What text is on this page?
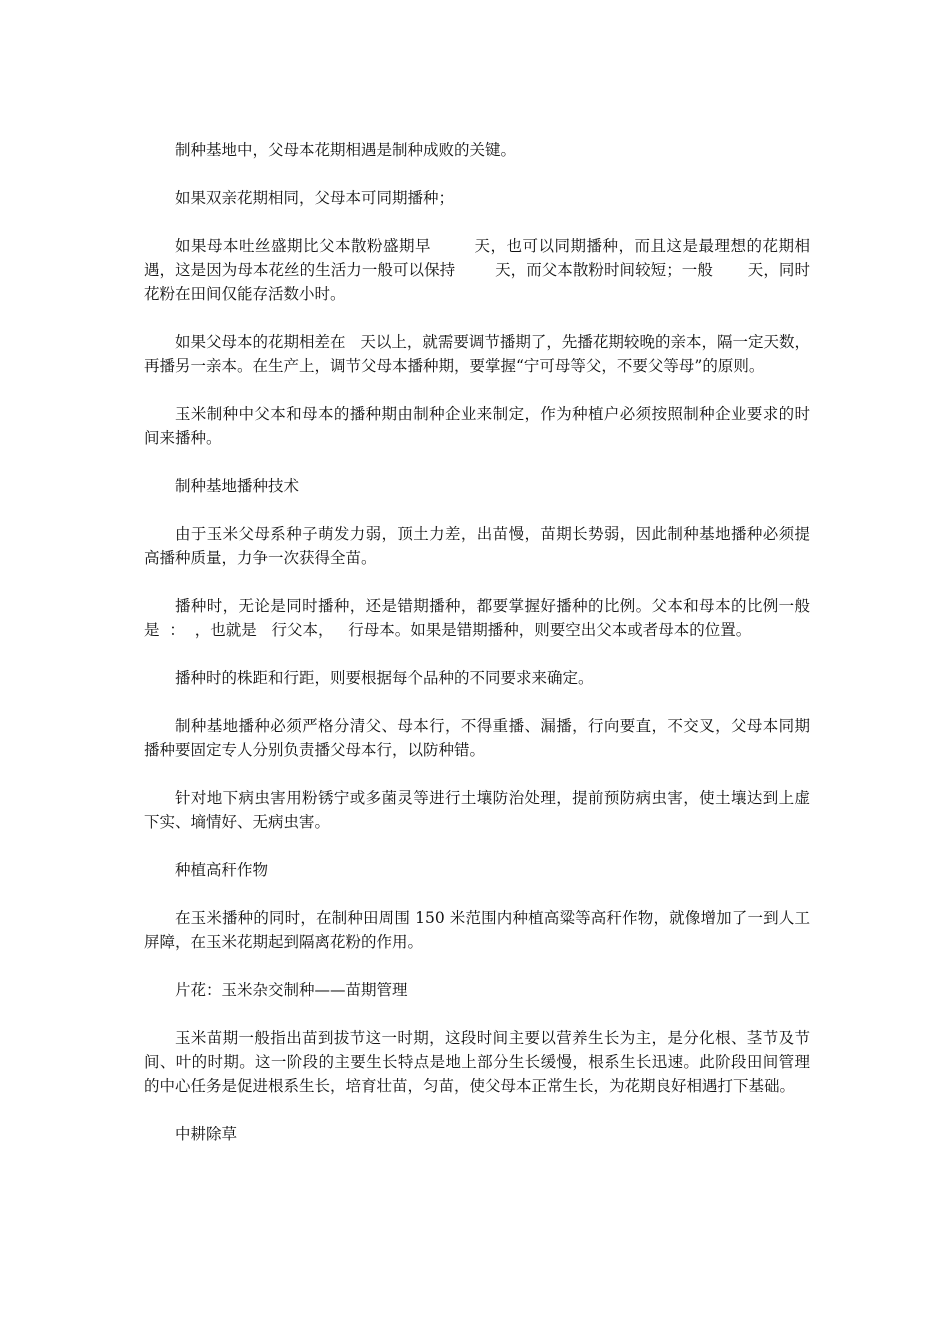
制种基地中，父母本花期相遇是制种成败的关键。

如果双亲花期相同，父母本可同期播种；

如果母本吐丝盛期比父本散粉盛期早        天，也可以同期播种，而且这是最理想的花期相遇，这是因为母本花丝的生活力一般可以保持        天，而父本散粉时间较短；一般       天，同时花粉在田间仅能存活数小时。

如果父母本的花期相差在   天以上，就需要调节播期了，先播花期较晚的亲本，隔一定天数，再播另一亲本。在生产上，调节父母本播种期，要掌握“宁可母等父，不要父等母”的原则。

玉米制种中父本和母本的播种期由制种企业来制定，作为种植户必须按照制种企业要求的时间来播种。

制种基地播种技术

由于玉米父母系种子萌发力弱，顶土力差，出苗慢，苗期长势弱，因此制种基地播种必须提高播种质量，力争一次获得全苗。

播种时，无论是同时播种，还是错期播种，都要掌握好播种的比例。父本和母本的比例一般是  ：  ，也就是   行父本，   行母本。如果是错期播种，则要空出父本或者母本的位置。

播种时的株距和行距，则要根据每个品种的不同要求来确定。

制种基地播种必须严格分清父、母本行，不得重播、漏播，行向要直，不交叉，父母本同期播种要固定专人分别负责播父母本行，以防种错。

针对地下病虫害用粉锈宁或多菌灵等进行土壤防治处理，提前预防病虫害，使土壤达到上虚下实、墒情好、无病虫害。

种植高秆作物

在玉米播种的同时，在制种田周围 150 米范围内种植高粱等高秆作物，就像增加了一到人工屏障，在玉米花期起到隔离花粉的作用。

片花：玉米杂交制种——苗期管理

玉米苗期一般指出苗到拔节这一时期，这段时间主要以营养生长为主，是分化根、茎节及节间、叶的时期。这一阶段的主要生长特点是地上部分生长缓慢，根系生长迅速。此阶段田间管理的中心任务是促进根系生长，培育壮苗，匀苗，使父母本正常生长，为花期良好相遇打下基础。

中耕除草
